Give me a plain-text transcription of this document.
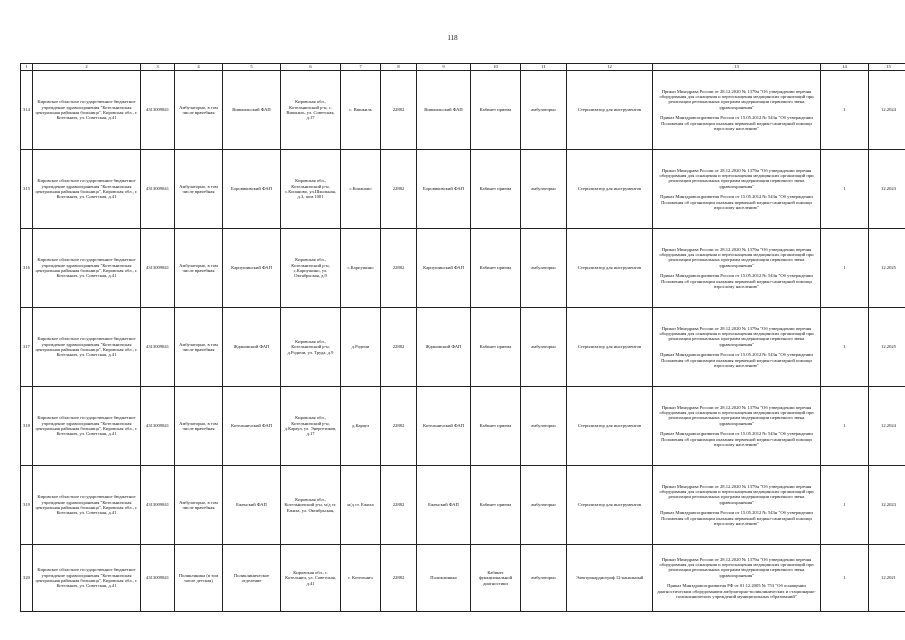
118
1	2	3	4	5	6	7	8	9	10	11	12	13	14	15
314	Кировское областное государственное бюджетное учреждение здравоохранения "Котельничская центральная районная больница", Кировская обл., г. Котельнич, ул. Советская, д.41	4313009841	Амбулаторно, в том числе врачебная	Вишкильский ФАП	Кировская обл., Котельничский р-н, с. Вишкиль, ул. Советская, д.17	с. Вишкиль	22882	Вишкильский ФАП	Кабинет приема	амбулаторно	Стерилизатор для инструментов	Приказ Минздрава России от 28.12.2020 № 1379н "Об утверждении перечня оборудования для оснащения и переоснащения медицинских организаций при реализации региональных программ модернизации первичного звена здравоохранения"
Приказ Минздравсоцразвития России от 15.05.2012 № 543н "Об утверждении Положения об организации оказания первичной медико-санитарной помощи взрослому населению"	1	12.2024
315	Кировское областное государственное бюджетное учреждение здравоохранения "Котельничская центральная районная больница", Кировская обл., г. Котельнич, ул. Советская, д.41	4313009841	Амбулаторно, в том числе врачебная	Боровиковский ФАП	Кировская обл., Котельничский р-н, с.Копаново, ул.Школьная, д.3, пом.1001	с.Копаново	22882	Боровиковский ФАП	Кабинет приема	амбулаторно	Стерилизатор для инструментов	Приказ Минздрава России от 28.12.2020 № 1379н "Об утверждении перечня оборудования для оснащения и переоснащения медицинских организаций при реализации региональных программ модернизации первичного звена здравоохранения"
Приказ Минздравсоцразвития России от 15.05.2012 № 543н "Об утверждении Положения об организации оказания первичной медико-санитарной помощи взрослому населению"	1	12.2023
316	Кировское областное государственное бюджетное учреждение здравоохранения "Котельничская центральная районная больница", Кировская обл., г. Котельнич, ул. Советская, д.41	4313009841	Амбулаторно, в том числе врачебная	Карпушинский ФАП	Кировская обл., Котельничский р-н, с.Карпушино, ул. Октябрьская, д.9	с.Карпушино	22882	Карпушинский ФАП	Кабинет приема	амбулаторно	Стерилизатор для инструментов	Приказ Минздрава России от 28.12.2020 № 1379н "Об утверждении перечня оборудования для оснащения и переоснащения медицинских организаций при реализации региональных программ модернизации первичного звена здравоохранения"
Приказ Минздравсоцразвития России от 15.05.2012 № 543н "Об утверждении Положения об организации оказания первичной медико-санитарной помощи взрослому населению"	1	12.2025
317	Кировское областное государственное бюджетное учреждение здравоохранения "Котельничская центральная районная больница", Кировская обл., г. Котельнич, ул. Советская, д.41	4313009841	Амбулаторно, в том числе врачебная	Ждановский ФАП	Кировская обл., Котельничский р-н, д.Родичи, ул. Труда, д.9	д.Родичи	22882	Ждановский ФАП	Кабинет приема	амбулаторно	Стерилизатор для инструментов	Приказ Минздрава России от 28.12.2020 № 1379н "Об утверждении перечня оборудования для оснащения и переоснащения медицинских организаций при реализации региональных программ модернизации первичного звена здравоохранения"
Приказ Минздравсоцразвития России от 15.05.2012 № 543н "Об утверждении Положения об организации оказания первичной медико-санитарной помощи взрослому населению"	1	12.2025
318	Кировское областное государственное бюджетное учреждение здравоохранения "Котельничская центральная районная больница", Кировская обл., г. Котельнич, ул. Советская, д.41	4313009841	Амбулаторно, в том числе врачебная	Котельничский ФАП	Кировская обл., Котельничский р-н, д.Караул, ул. Энергетиков, д.17	д.Караул	22882	Котельничский ФАП	Кабинет приема	амбулаторно	Стерилизатор для инструментов	Приказ Минздрава России от 28.12.2020 № 1379н "Об утверждении перечня оборудования для оснащения и переоснащения медицинских организаций при реализации региональных программ модернизации первичного звена здравоохранения"
Приказ Минздравсоцразвития России от 15.05.2012 № 543н "Об утверждении Положения об организации оказания первичной медико-санитарной помощи взрослому населению"	1	12.2024
319	Кировское областное государственное бюджетное учреждение здравоохранения "Котельничская центральная районная больница", Кировская обл., г. Котельнич, ул. Советская, д.41	4313009841	Амбулаторно, в том числе врачебная	Еженский ФАП	Кировская обл., Котельничский р-н, м/д ст. Ежиха, ул. Октябрьская,	м/д ст. Ежиха	22882	Еженский ФАП	Кабинет приема	амбулаторно	Стерилизатор для инструментов	Приказ Минздрава России от 28.12.2020 № 1379н "Об утверждении перечня оборудования для оснащения и переоснащения медицинских организаций при реализации региональных программ модернизации первичного звена здравоохранения"
Приказ Минздравсоцразвития России от 15.05.2012 № 543н "Об утверждении Положения об организации оказания первичной медико-санитарной помощи взрослому населению"	1	12.2023
320	Кировское областное государственное бюджетное учреждение здравоохранения "Котельничская центральная районная больница", Кировская обл., г. Котельнич, ул. Советская, д.41	4313009841	Поликлиника (в том числе детская)	Поликлиническое отделение	Кировская обл., г. Котельнич, ул. Советская, д.41	г. Котельнич	22882	Поликлиника	Кабинет функциональной диагностики	амбулаторно	Электрокардиограф 12-канальный	Приказ Минздрава России от 28.12.2020 № 1379н "Об утверждении перечня оборудования для оснащения и переоснащения медицинских организаций при реализации региональных программ модернизации первичного звена здравоохранения"
Приказ Минздравсоцразвития РФ от 01.12.2005 № 753 "Об оснащении диагностическим оборудованием амбулаторно-поликлинических и стационарно-поликлинических учреждений муниципальных образований"	1	12.2021
